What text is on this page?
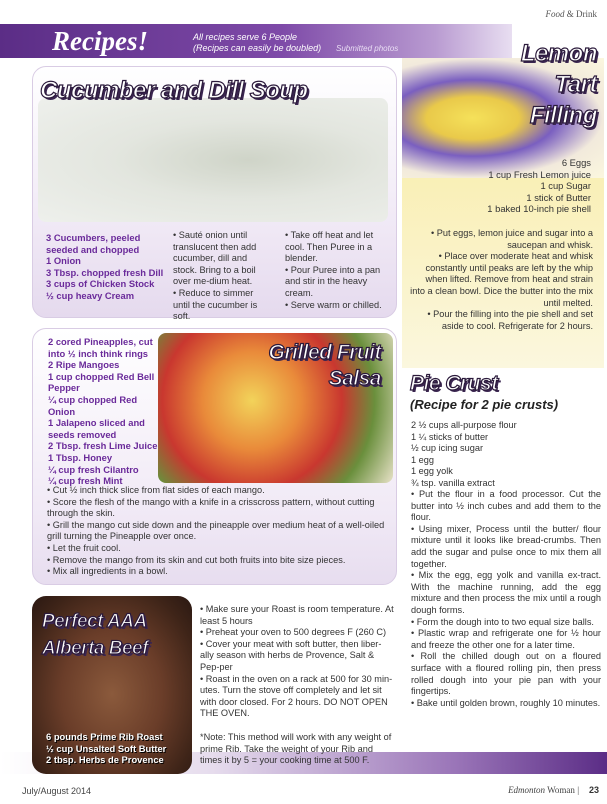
Food & Drink
Recipes!	All recipes serve 6 People (Recipes can easily be doubled)	Submitted photos	Lemon
Tart
Filling
6 Eggs
1 cup Fresh Lemon juice
1 cup Sugar
1 stick of Butter
1 baked 10-inch pie shell
• Put eggs, lemon juice and sugar into a saucepan and whisk.
• Place over moderate heat and whisk constantly until peaks are left by the whip when lifted. Remove from heat and strain into a clean bowl. Dice the butter into the mix until melted.
• Pour the filling into the pie shell and set aside to cool. Refrigerate for 2 hours.
Cucumber and Dill Soup
3 Cucumbers, peeled seeded and chopped
1 Onion
3 Tbsp. chopped fresh Dill
3 cups of Chicken Stock
½ cup heavy Cream
• Sauté onion until translucent then add cucumber, dill and stock. Bring to a boil over me-dium heat.
• Reduce to simmer until the cucumber is soft.
• Take off heat and let cool. Then Puree in a blender.
• Pour Puree into a pan and stir in the heavy cream.
• Serve warm or chilled.
Grilled Fruit
Salsa
2 cored Pineapples, cut into ½ inch think rings
2 Ripe Mangoes
1 cup chopped Red Bell Pepper
¼ cup chopped Red Onion
1 Jalapeno sliced and seeds removed
2 Tbsp. fresh Lime Juice
1 Tbsp. Honey
¼ cup fresh Cilantro
¼ cup fresh Mint
• Cut ½ inch thick slice from flat sides of each mango.
• Score the flesh of the mango with a knife in a crisscross pattern, without cutting through the skin.
• Grill the mango cut side down and the pineapple over medium heat of a well-oiled grill turning the Pineapple over once.
• Let the fruit cool.
• Remove the mango from its skin and cut both fruits into bite size pieces.
• Mix all ingredients in a bowl.
Pie Crust
(Recipe for 2 pie crusts)
2 ½ cups all-purpose flour
1 ¼ sticks of butter
½ cup icing sugar
1 egg
1 egg yolk
¾ tsp. vanilla extract
• Put the flour in a food processor. Cut the butter into ½ inch cubes and add them to the flour.
• Using mixer, Process until the butter/ flour mixture until it looks like bread-crumbs. Then add the sugar and pulse once to mix them all together.
• Mix the egg, egg yolk and vanilla ex-tract. With the machine running, add the egg mixture and then process the mix until a rough dough forms.
• Form the dough into to two equal size balls.
• Plastic wrap and refrigerate one for ½ hour and freeze the other one for a later time.
• Roll the chilled dough out on a floured surface with a floured rolling pin, then press rolled dough into your pie pan with your fingertips.
• Bake until golden brown, roughly 10 minutes.
Perfect AAA
Alberta Beef
6 pounds Prime Rib Roast
½ cup Unsalted Soft Butter
2 tbsp. Herbs de Provence
• Make sure your Roast is room temperature. At least 5 hours
• Preheat your oven to 500 degrees F (260 C)
• Cover your meat with soft butter, then liber-ally season with herbs de Provence, Salt & Pep-per
• Roast in the oven on a rack at 500 for 30 min-utes. Turn the stove off completely and let sit with door closed. For 2 hours. DO NOT OPEN THE OVEN.
*Note: This method will work with any weight of prime Rib. Take the weight of your Rib and times it by 5 = your cooking time at 500 F.
July/August 2014	Edmonton Woman | 23
